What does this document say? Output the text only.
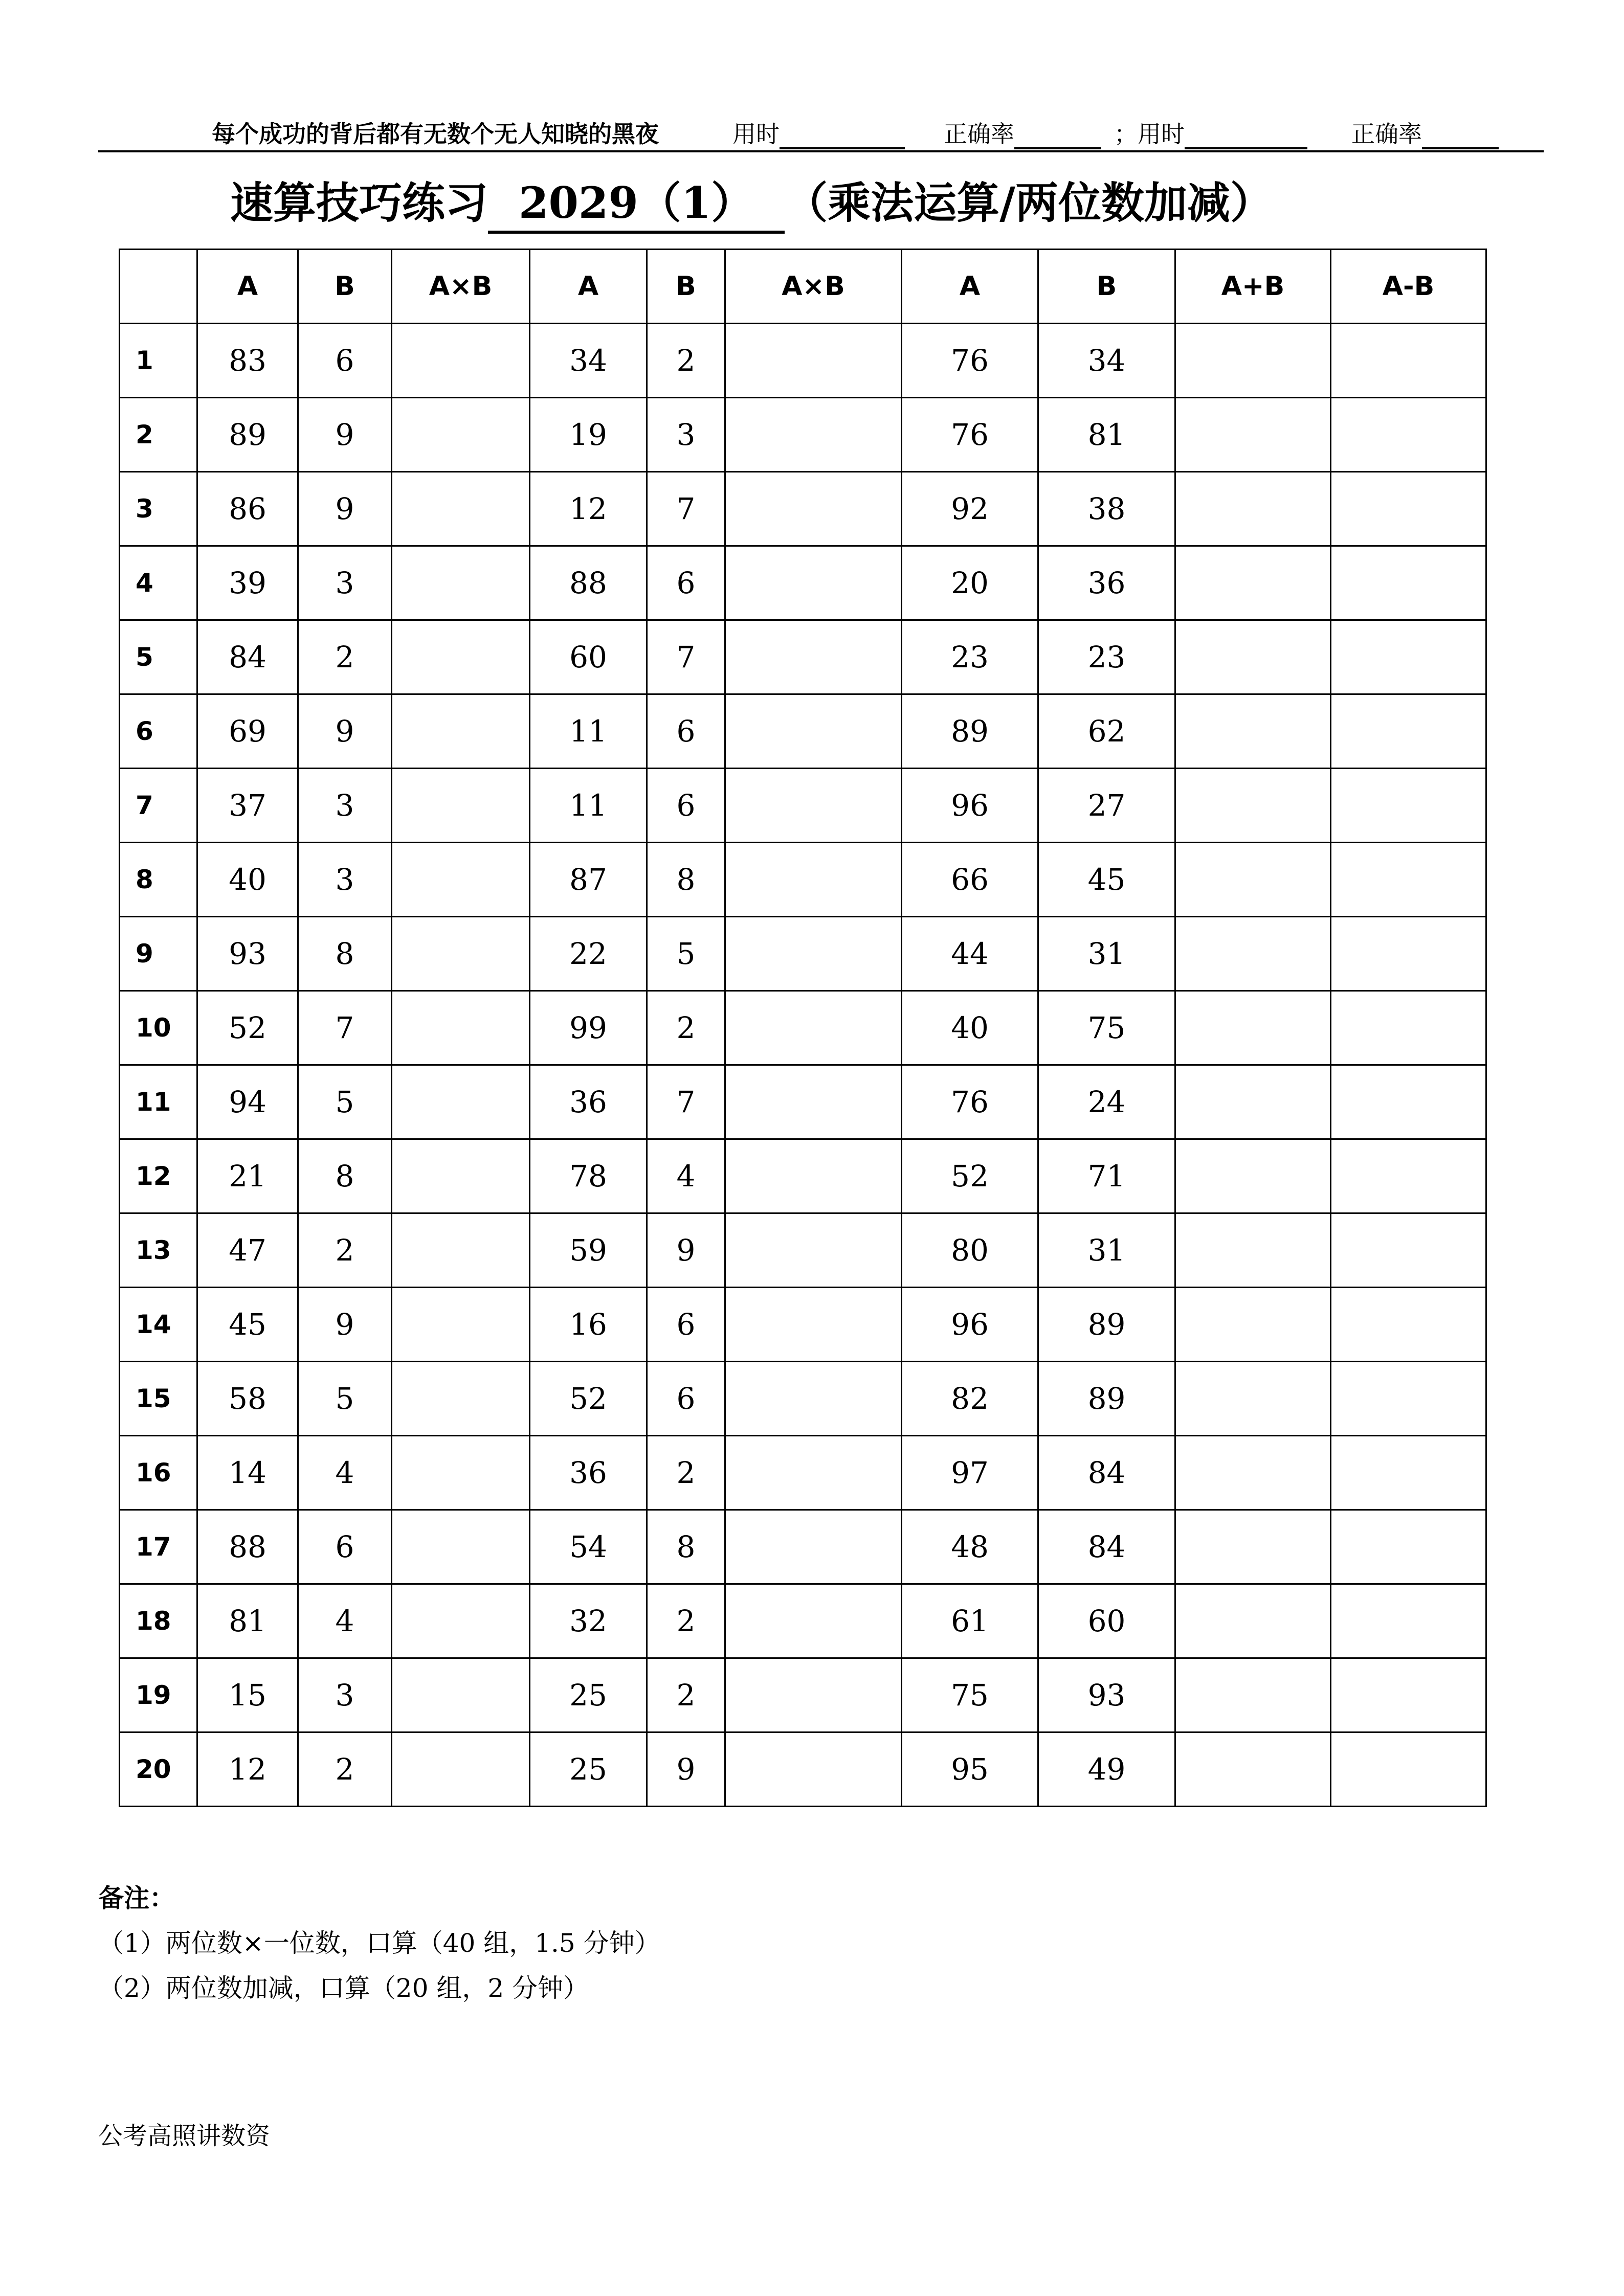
每个成功的背后都有无数个无人知晓的黑夜	用时	正确率	；用时	正确率
速算技巧练习 2029（1） （乘法运算/两位数加减）
	A	B	A×B	A	B	A×B	A	B	A+B	A-B
1	83	6		34	2		76	34		
2	89	9		19	3		76	81		
3	86	9		12	7		92	38		
4	39	3		88	6		20	36		
5	84	2		60	7		23	23		
6	69	9		11	6		89	62		
7	37	3		11	6		96	27		
8	40	3		87	8		66	45		
9	93	8		22	5		44	31		
10	52	7		99	2		40	75		
11	94	5		36	7		76	24		
12	21	8		78	4		52	71		
13	47	2		59	9		80	31		
14	45	9		16	6		96	89		
15	58	5		52	6		82	89		
16	14	4		36	2		97	84		
17	88	6		54	8		48	84		
18	81	4		32	2		61	60		
19	15	3		25	2		75	93		
20	12	2		25	9		95	49		
备注：
（1）两位数×一位数，口算（40 组，1.5 分钟）
（2）两位数加减，口算（20 组，2 分钟）
公考高照讲数资
